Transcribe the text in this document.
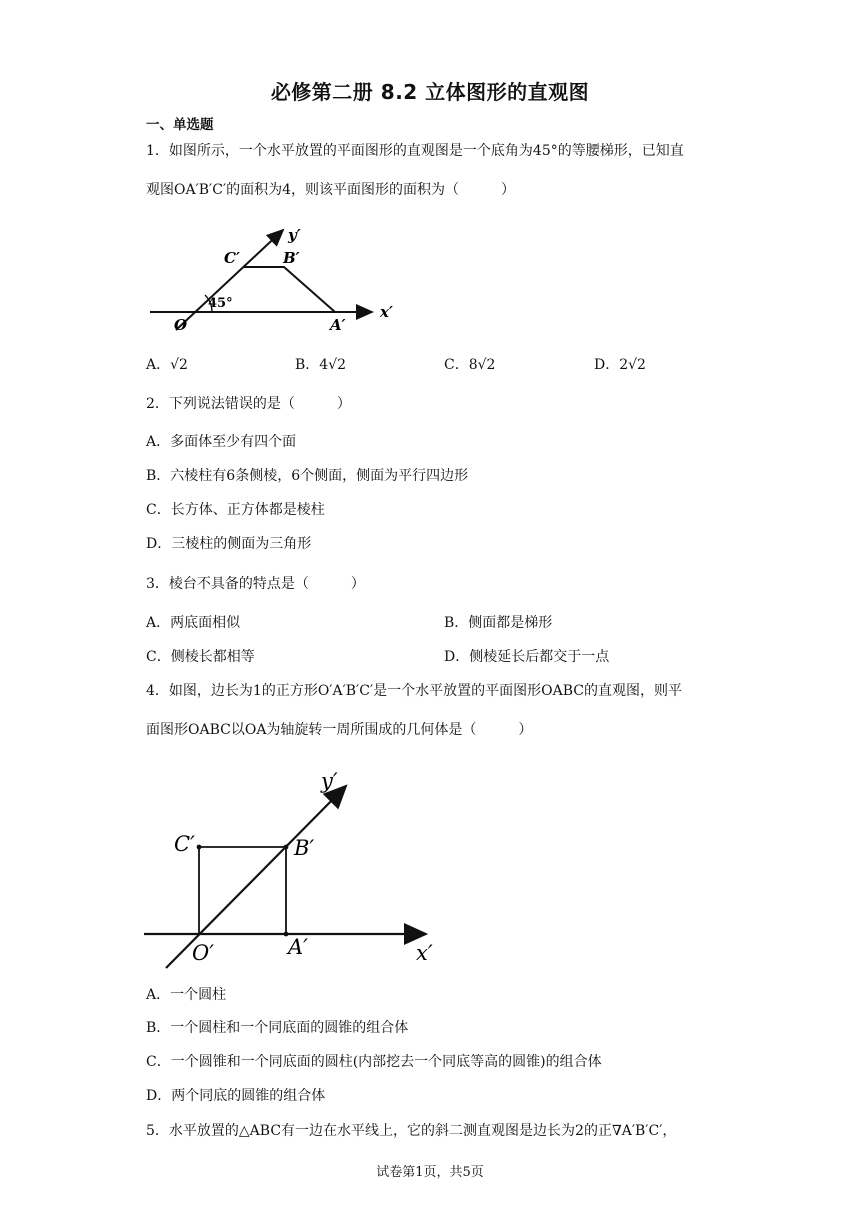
必修第二册 8.2 立体图形的直观图
一、单选题
1．如图所示，一个水平放置的平面图形的直观图是一个底角为45°的等腰梯形，已知直
观图OA′B′C′的面积为4，则该平面图形的面积为（　　　）
y′
C′	B′
45°	x′
O	A′
A．√2	B．4√2	C．8√2	D．2√2
2．下列说法错误的是（　　　）
A．多面体至少有四个面
B．六棱柱有6条侧棱，6个侧面，侧面为平行四边形
C．长方体、正方体都是棱柱
D．三棱柱的侧面为三角形
3．棱台不具备的特点是（　　　）
A．两底面相似	B．侧面都是梯形
C．侧棱长都相等	D．侧棱延长后都交于一点
4．如图，边长为1的正方形O′A′B′C′是一个水平放置的平面图形OABC的直观图，则平
面图形OABC以OA为轴旋转一周所围成的几何体是（　　　）
y′
C′	B′
O′	A′	x′
A．一个圆柱
B．一个圆柱和一个同底面的圆锥的组合体
C．一个圆锥和一个同底面的圆柱(内部挖去一个同底等高的圆锥)的组合体
D．两个同底的圆锥的组合体
5．水平放置的△ABC有一边在水平线上，它的斜二测直观图是边长为2的正∇A′B′C′，
试卷第1页，共5页
